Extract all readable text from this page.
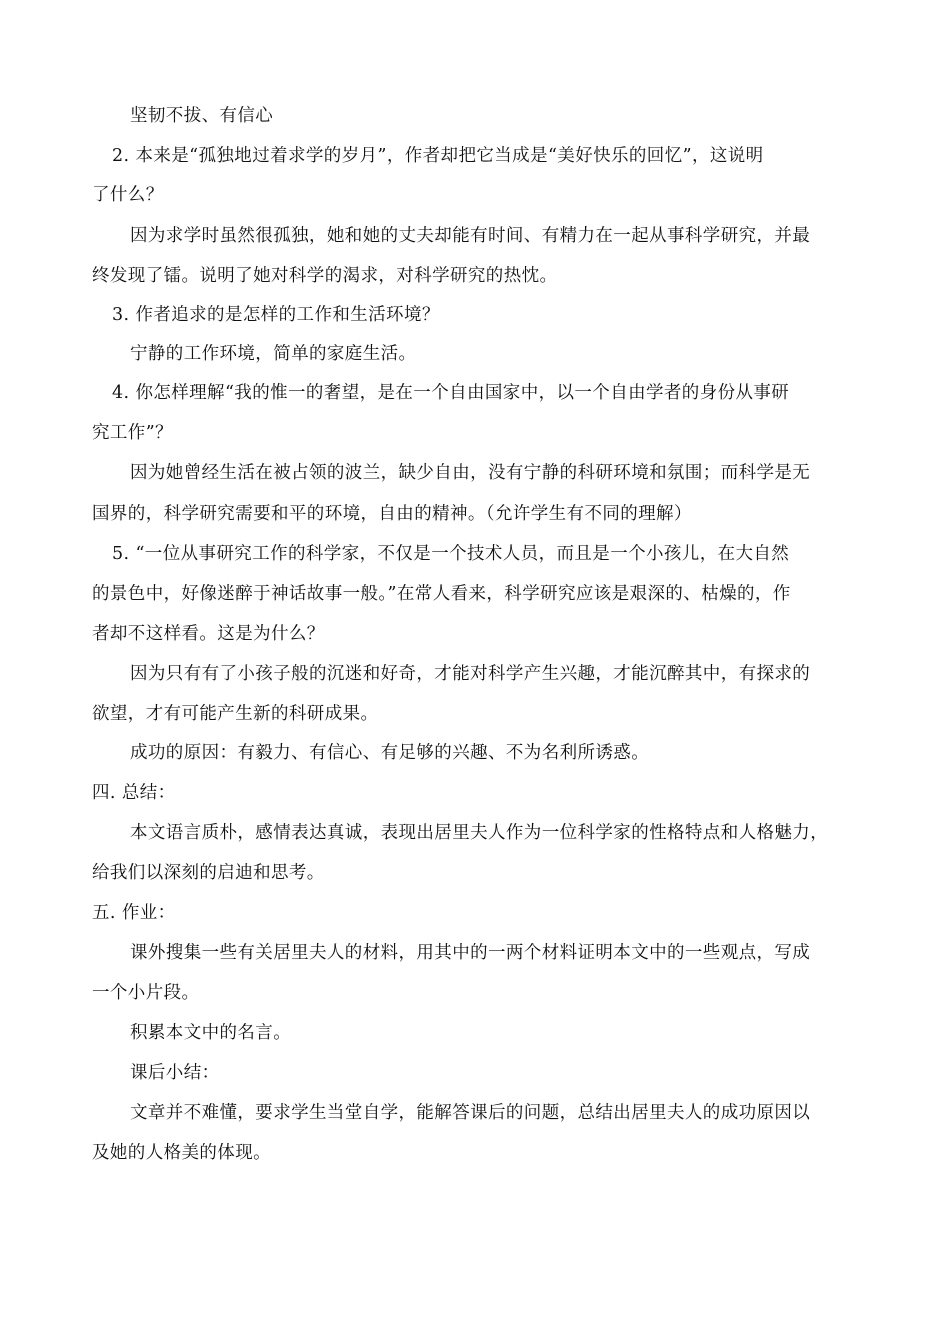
坚韧不拔、有信心
2. 本来是“孤独地过着求学的岁月”，作者却把它当成是“美好快乐的回忆”，这说明
了什么？
因为求学时虽然很孤独，她和她的丈夫却能有时间、有精力在一起从事科学研究，并最
终发现了镭。说明了她对科学的渴求，对科学研究的热忱。
3. 作者追求的是怎样的工作和生活环境？
宁静的工作环境，简单的家庭生活。
4. 你怎样理解“我的惟一的奢望，是在一个自由国家中，以一个自由学者的身份从事研
究工作”？
因为她曾经生活在被占领的波兰，缺少自由，没有宁静的科研环境和氛围；而科学是无
国界的，科学研究需要和平的环境，自由的精神。（允许学生有不同的理解）
5. “一位从事研究工作的科学家，不仅是一个技术人员，而且是一个小孩儿，在大自然
的景色中，好像迷醉于神话故事一般。”在常人看来，科学研究应该是艰深的、枯燥的，作
者却不这样看。这是为什么？
因为只有有了小孩子般的沉迷和好奇，才能对科学产生兴趣，才能沉醉其中，有探求的
欲望，才有可能产生新的科研成果。
成功的原因：有毅力、有信心、有足够的兴趣、不为名利所诱惑。
四. 总结：
本文语言质朴，感情表达真诚，表现出居里夫人作为一位科学家的性格特点和人格魅力，
给我们以深刻的启迪和思考。
五. 作业：
课外搜集一些有关居里夫人的材料，用其中的一两个材料证明本文中的一些观点，写成
一个小片段。
积累本文中的名言。
课后小结：
文章并不难懂，要求学生当堂自学，能解答课后的问题，总结出居里夫人的成功原因以
及她的人格美的体现。
